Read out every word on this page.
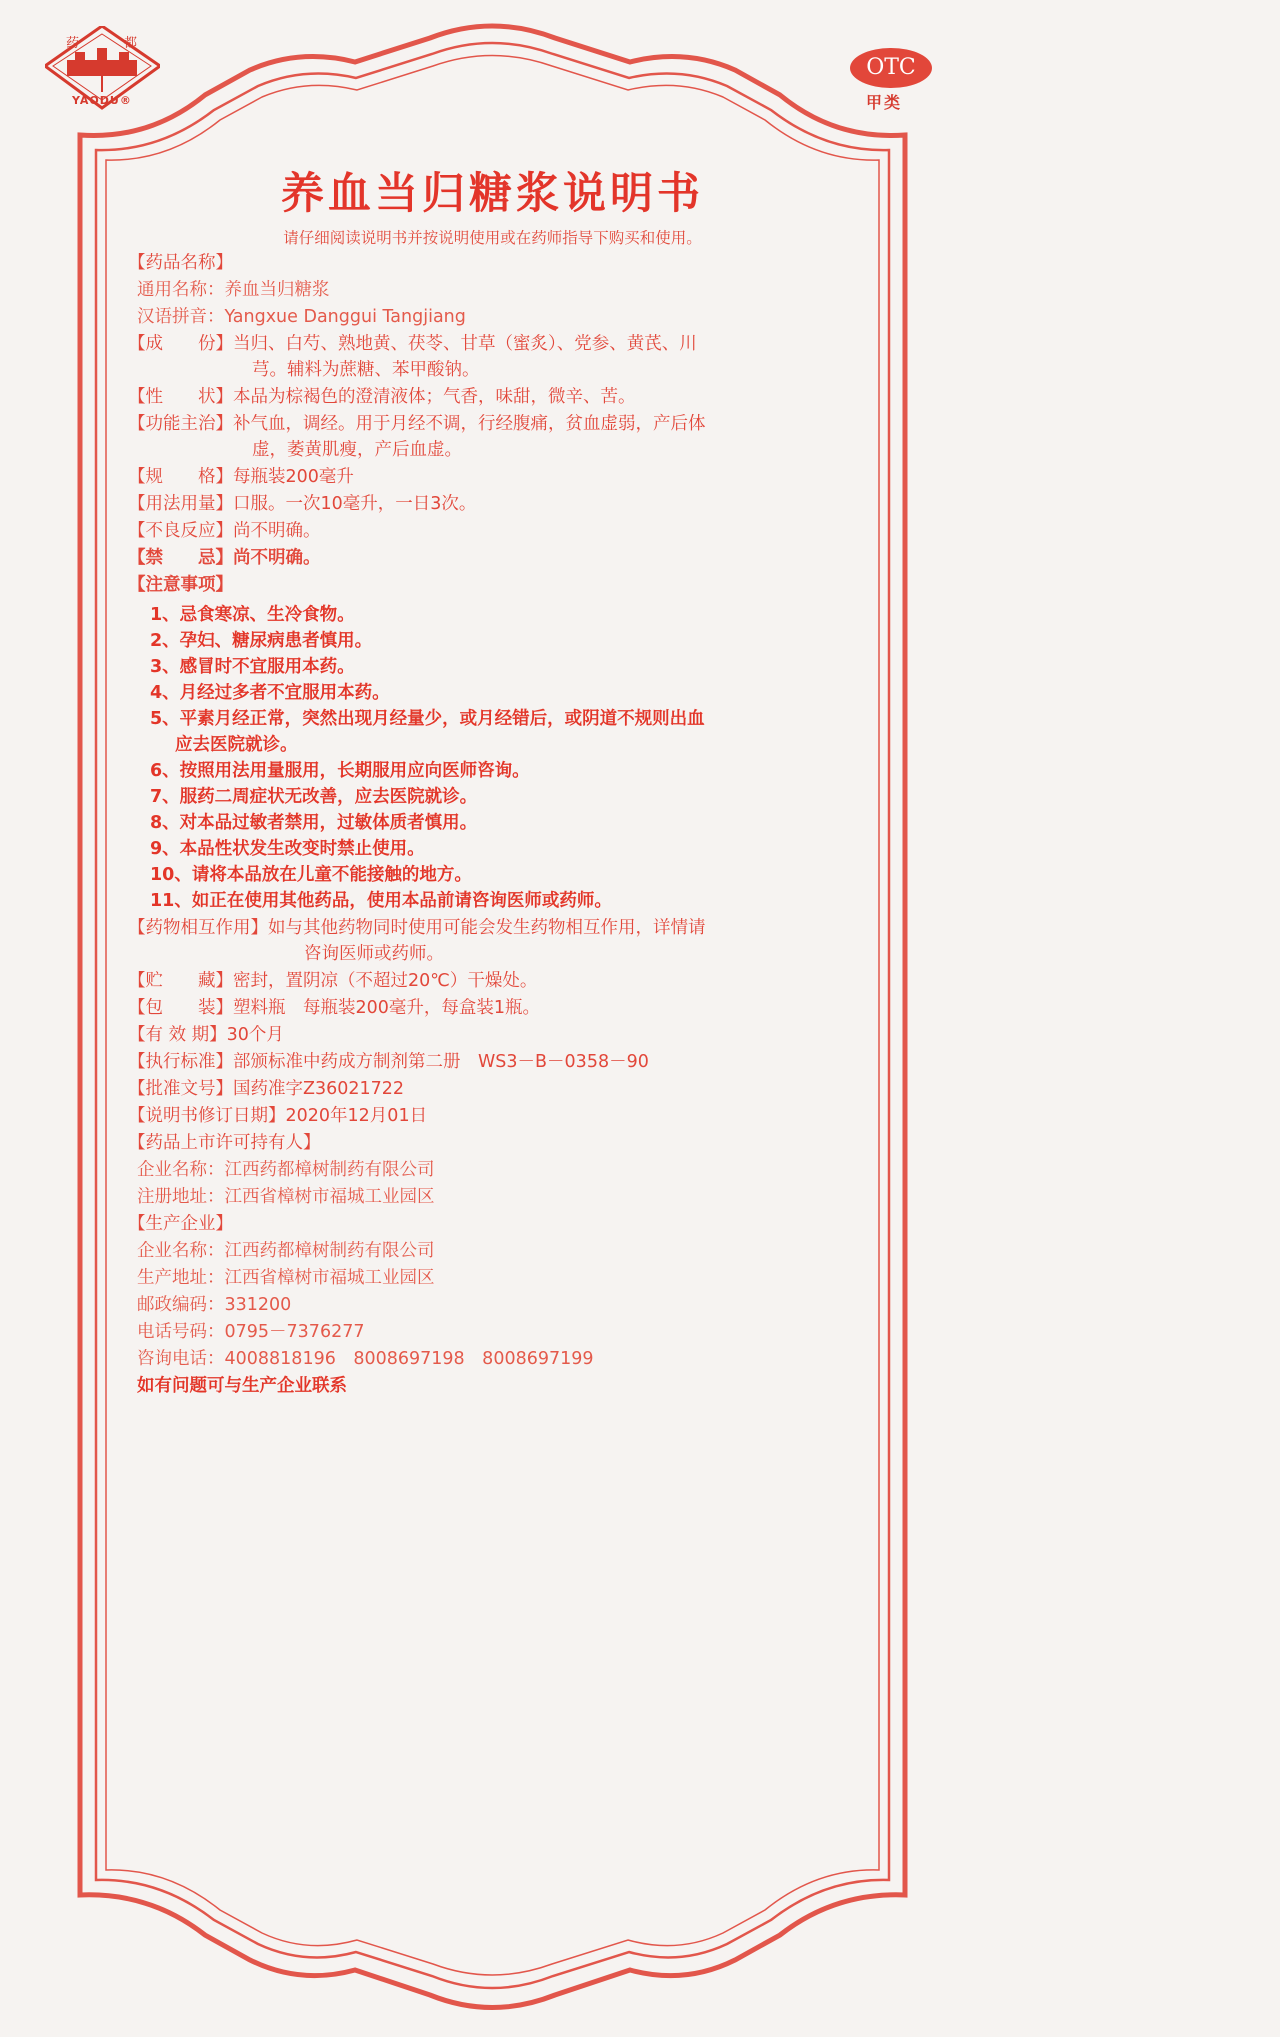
药	都
YAODU®
OTC
甲类
养血当归糖浆说明书
请仔细阅读说明书并按说明使用或在药师指导下购买和使用。
【药品名称】
通用名称：养血当归糖浆
汉语拼音：Yangxue Danggui Tangjiang
【成　　份】当归、白芍、熟地黄、茯苓、甘草（蜜炙）、党参、黄芪、川
芎。辅料为蔗糖、苯甲酸钠。
【性　　状】本品为棕褐色的澄清液体；气香，味甜，微辛、苦。
【功能主治】补气血，调经。用于月经不调，行经腹痛，贫血虚弱，产后体
虚，萎黄肌瘦，产后血虚。
【规　　格】每瓶装200毫升
【用法用量】口服。一次10毫升，一日3次。
【不良反应】尚不明确。
【禁　　忌】尚不明确。
【注意事项】
1、忌食寒凉、生冷食物。
2、孕妇、糖尿病患者慎用。
3、感冒时不宜服用本药。
4、月经过多者不宜服用本药。
5、平素月经正常，突然出现月经量少，或月经错后，或阴道不规则出血
应去医院就诊。
6、按照用法用量服用，长期服用应向医师咨询。
7、服药二周症状无改善，应去医院就诊。
8、对本品过敏者禁用，过敏体质者慎用。
9、本品性状发生改变时禁止使用。
10、请将本品放在儿童不能接触的地方。
11、如正在使用其他药品，使用本品前请咨询医师或药师。
【药物相互作用】如与其他药物同时使用可能会发生药物相互作用，详情请
咨询医师或药师。
【贮　　藏】密封，置阴凉（不超过20℃）干燥处。
【包　　装】塑料瓶　每瓶装200毫升，每盒装1瓶。
【有 效 期】30个月
【执行标准】部颁标准中药成方制剂第二册　WS3－B－0358－90
【批准文号】国药准字Z36021722
【说明书修订日期】2020年12月01日
【药品上市许可持有人】
企业名称：江西药都樟树制药有限公司
注册地址：江西省樟树市福城工业园区
【生产企业】
企业名称：江西药都樟树制药有限公司
生产地址：江西省樟树市福城工业园区
邮政编码：331200
电话号码：0795－7376277
咨询电话：4008818196　8008697198　8008697199
如有问题可与生产企业联系
